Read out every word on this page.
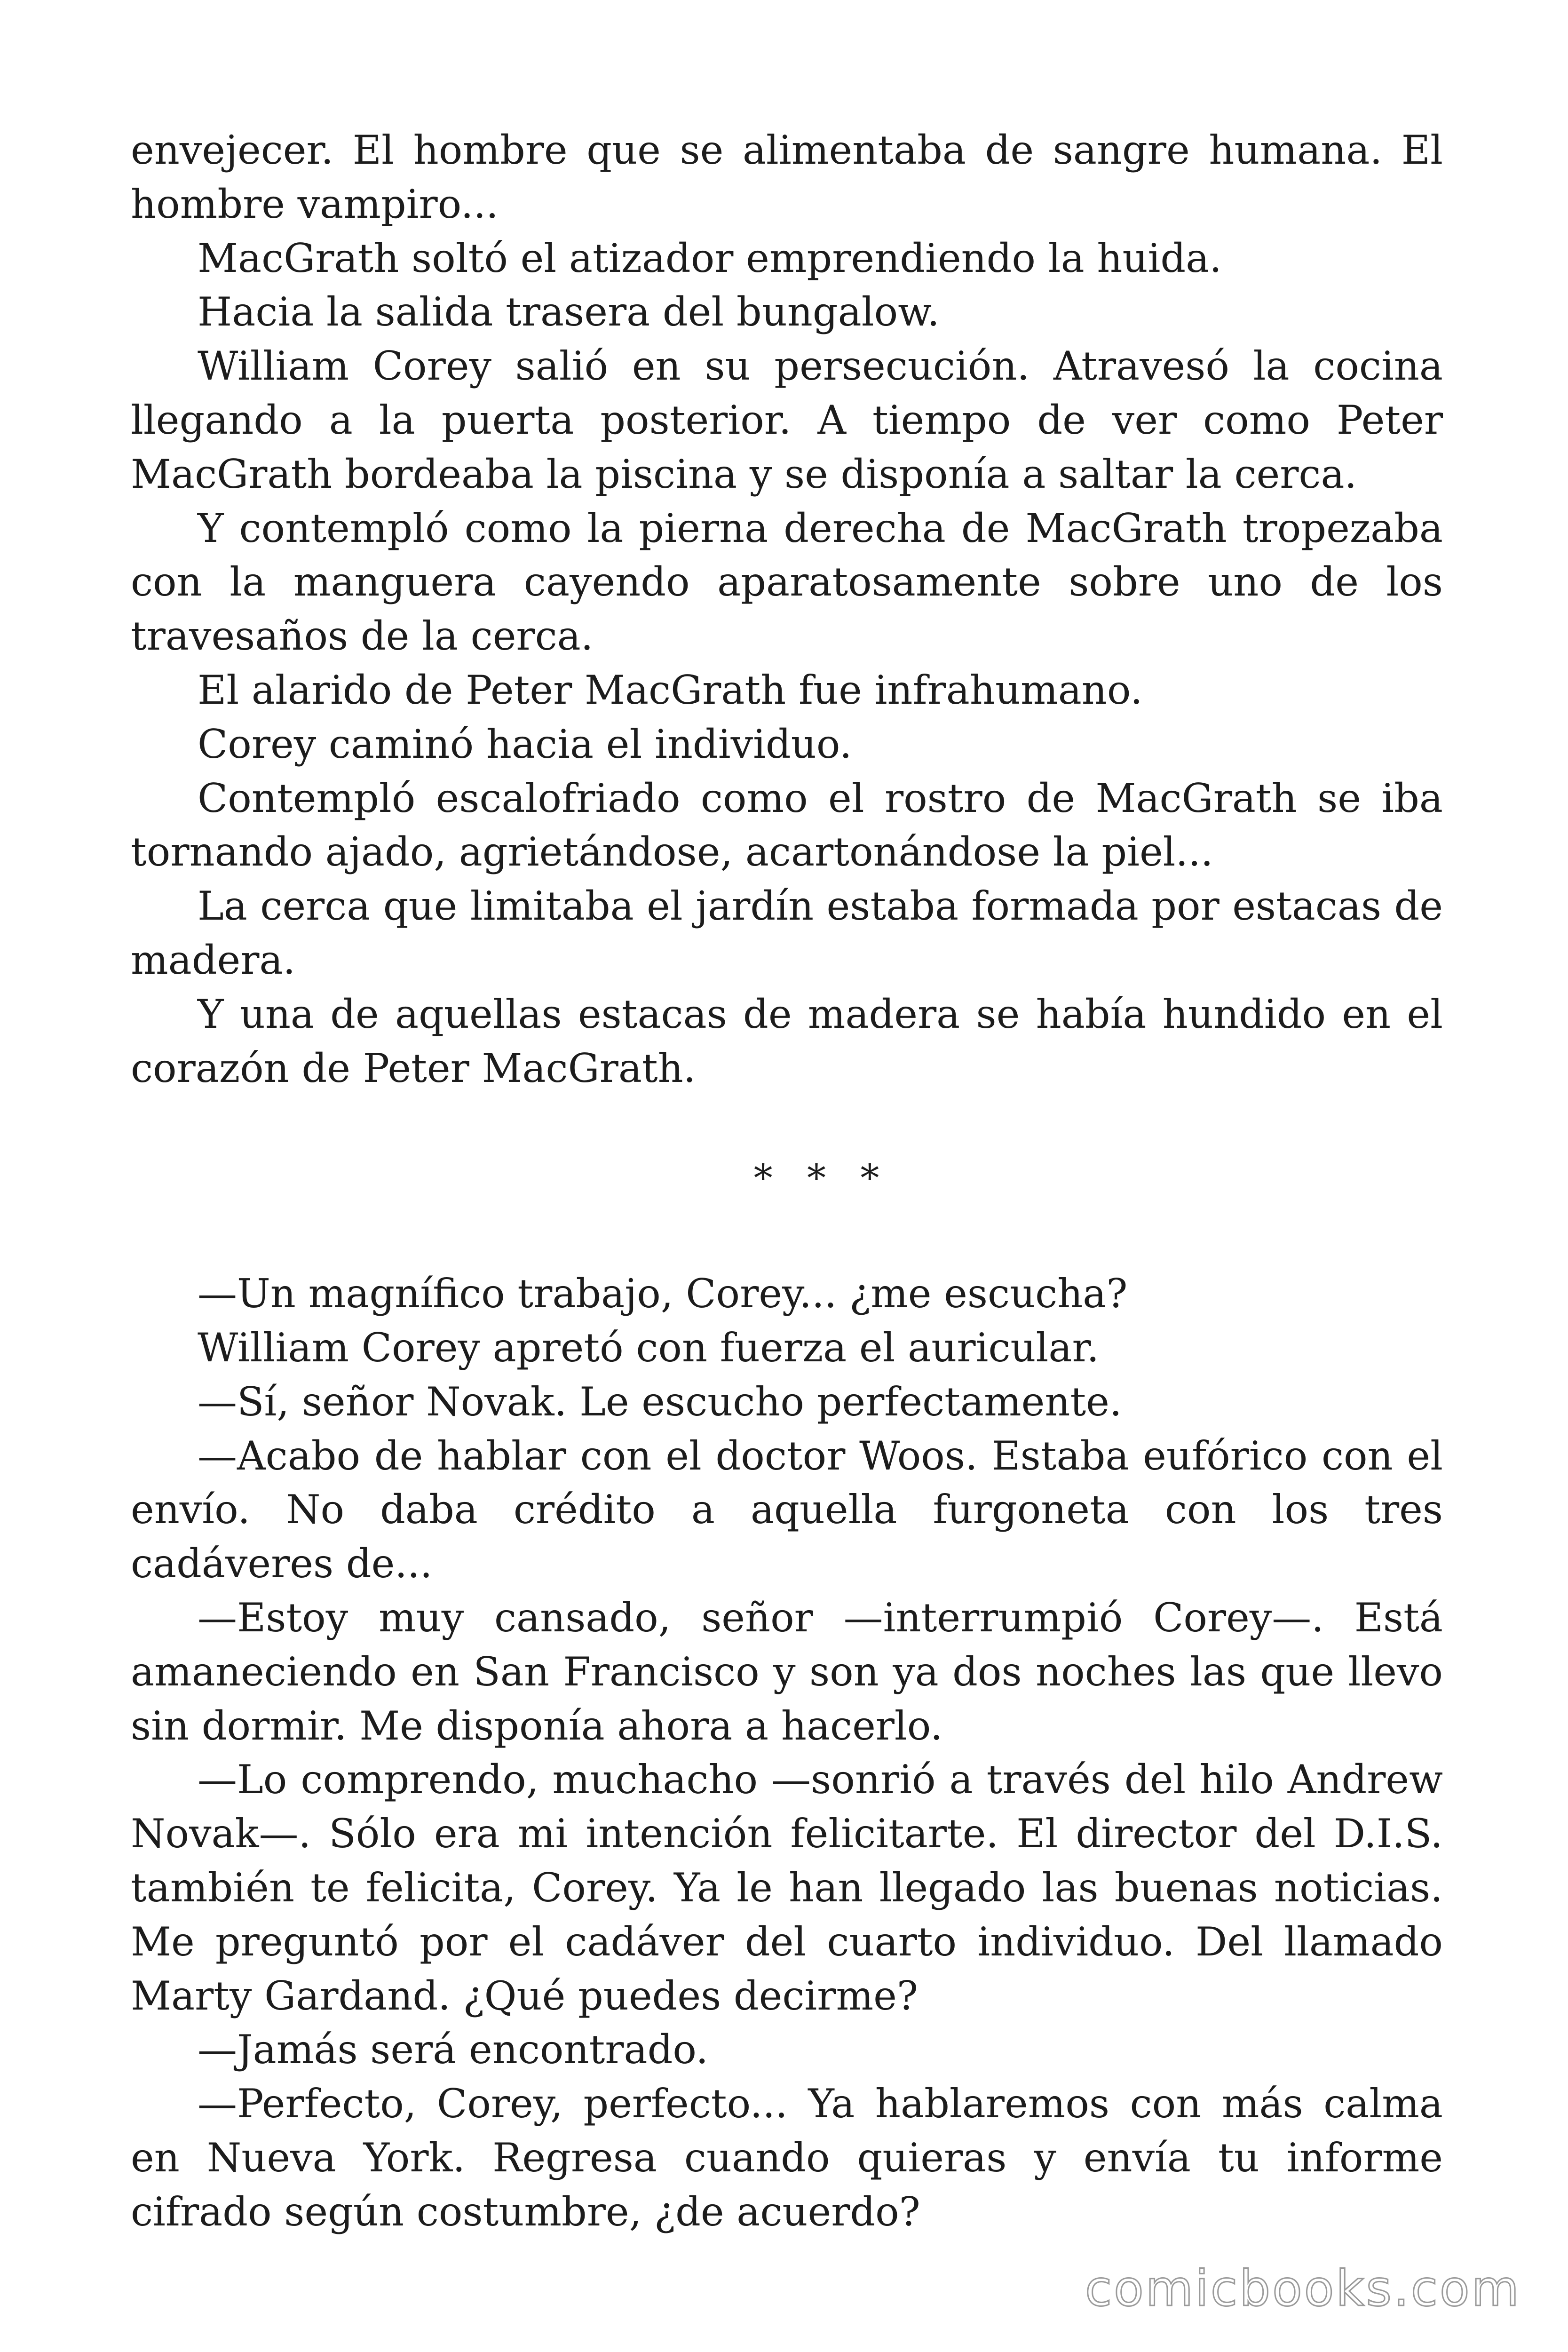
envejecer. El hombre que se alimentaba de sangre humana. El hombre vampiro...

MacGrath soltó el atizador emprendiendo la huida.

Hacia la salida trasera del bungalow.

William Corey salió en su persecución. Atravesó la cocina llegando a la puerta posterior. A tiempo de ver como Peter MacGrath bordeaba la piscina y se disponía a saltar la cerca.

Y contempló como la pierna derecha de MacGrath tropezaba con la manguera cayendo aparatosamente sobre uno de los travesaños de la cerca.

El alarido de Peter MacGrath fue infrahumano.

Corey caminó hacia el individuo.

Contempló escalofriado como el rostro de MacGrath se iba tornando ajado, agrietándose, acartonándose la piel...

La cerca que limitaba el jardín estaba formada por estacas de madera.

Y una de aquellas estacas de madera se había hundido en el corazón de Peter MacGrath.

* * *

—Un magnífico trabajo, Corey... ¿me escucha?

William Corey apretó con fuerza el auricular.

—Sí, señor Novak. Le escucho perfectamente.

—Acabo de hablar con el doctor Woos. Estaba eufórico con el envío. No daba crédito a aquella furgoneta con los tres cadáveres de...

—Estoy muy cansado, señor —interrumpió Corey—. Está amaneciendo en San Francisco y son ya dos noches las que llevo sin dormir. Me disponía ahora a hacerlo.

—Lo comprendo, muchacho —sonrió a través del hilo Andrew Novak—. Sólo era mi intención felicitarte. El director del D.I.S. también te felicita, Corey. Ya le han llegado las buenas noticias. Me preguntó por el cadáver del cuarto individuo. Del llamado Marty Gardand. ¿Qué puedes decirme?

—Jamás será encontrado.

—Perfecto, Corey, perfecto... Ya hablaremos con más calma en Nueva York. Regresa cuando quieras y envía tu informe cifrado según costumbre, ¿de acuerdo?

comicbooks.com
